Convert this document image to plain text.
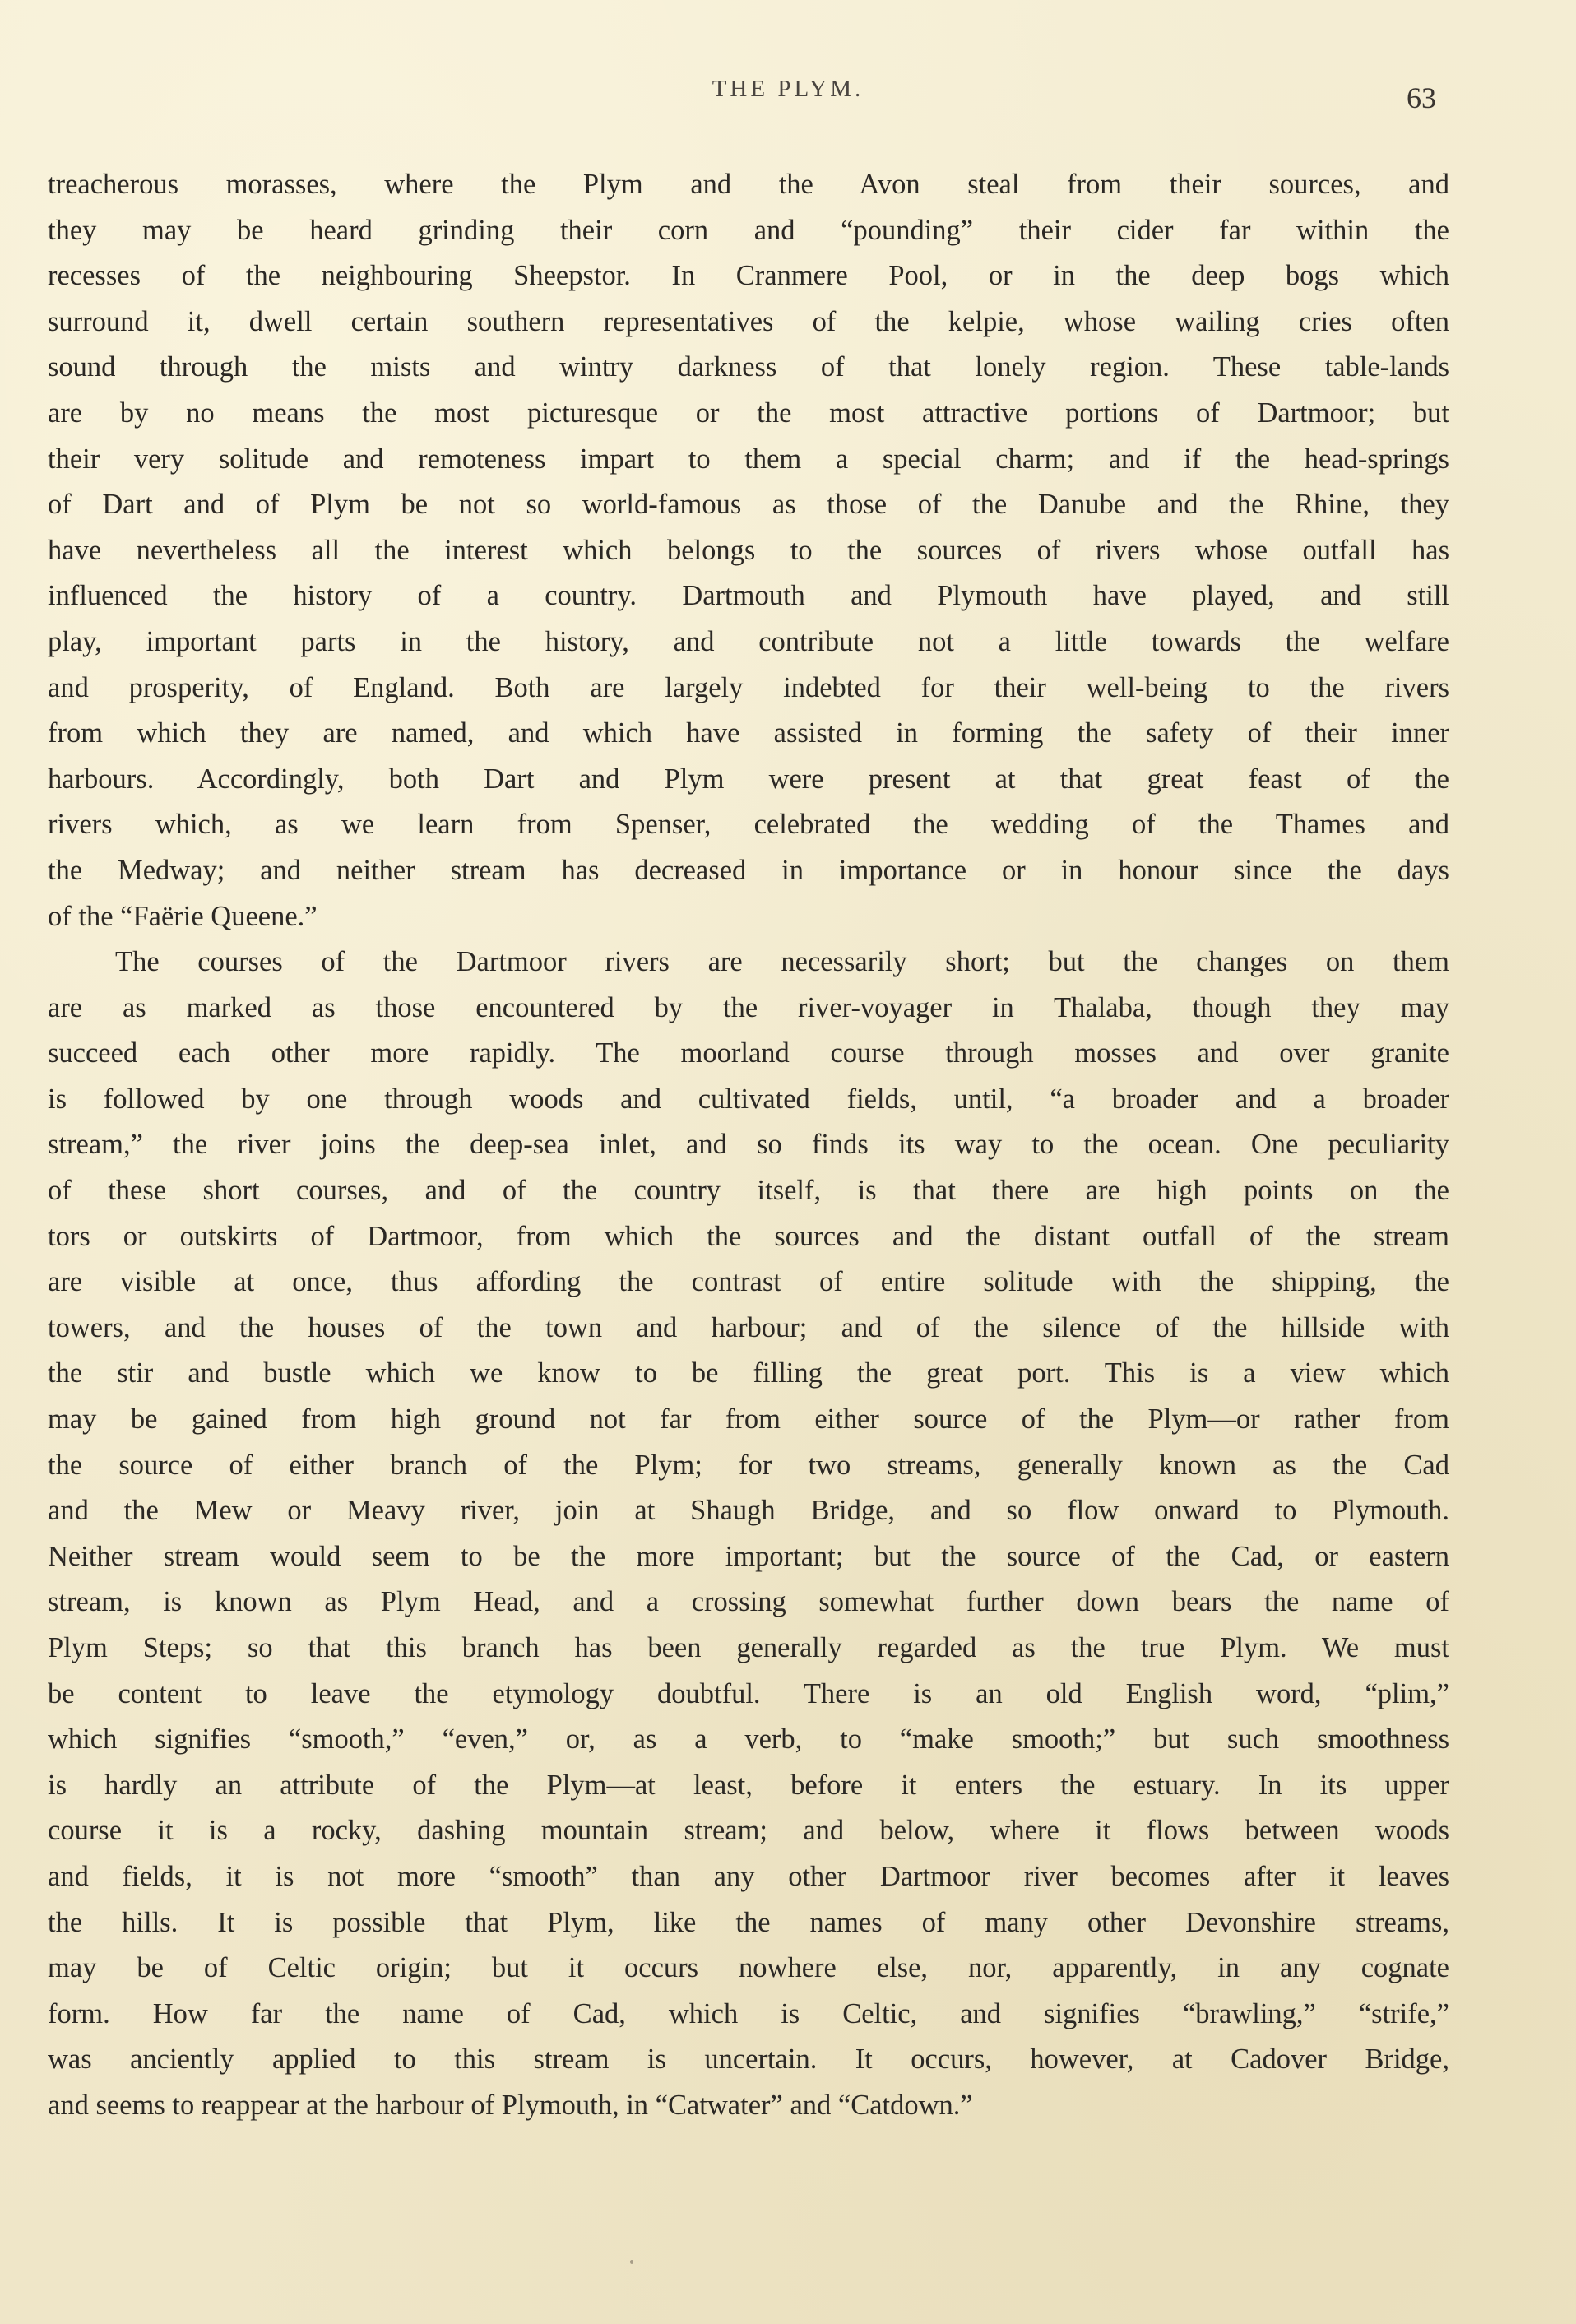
THE PLYM.	63
treacherous morasses, where the Plym and the Avon steal from their sources, and
they may be heard grinding their corn and “pounding” their cider far within the
recesses of the neighbouring Sheepstor. In Cranmere Pool, or in the deep bogs which
surround it, dwell certain southern representatives of the kelpie, whose wailing cries often
sound through the mists and wintry darkness of that lonely region. These table-lands
are by no means the most picturesque or the most attractive portions of Dartmoor; but
their very solitude and remoteness impart to them a special charm; and if the head-springs
of Dart and of Plym be not so world-famous as those of the Danube and the Rhine, they
have nevertheless all the interest which belongs to the sources of rivers whose outfall has
influenced the history of a country. Dartmouth and Plymouth have played, and still
play, important parts in the history, and contribute not a little towards the welfare
and prosperity, of England. Both are largely indebted for their well-being to the rivers
from which they are named, and which have assisted in forming the safety of their inner
harbours. Accordingly, both Dart and Plym were present at that great feast of the
rivers which, as we learn from Spenser, celebrated the wedding of the Thames and
the Medway; and neither stream has decreased in importance or in honour since the days
of the “Faërie Queene.”
The courses of the Dartmoor rivers are necessarily short; but the changes on them
are as marked as those encountered by the river-voyager in Thalaba, though they may
succeed each other more rapidly. The moorland course through mosses and over granite
is followed by one through woods and cultivated fields, until, “a broader and a broader
stream,” the river joins the deep-sea inlet, and so finds its way to the ocean. One peculiarity
of these short courses, and of the country itself, is that there are high points on the
tors or outskirts of Dartmoor, from which the sources and the distant outfall of the stream
are visible at once, thus affording the contrast of entire solitude with the shipping, the
towers, and the houses of the town and harbour; and of the silence of the hillside with
the stir and bustle which we know to be filling the great port. This is a view which
may be gained from high ground not far from either source of the Plym—or rather from
the source of either branch of the Plym; for two streams, generally known as the Cad
and the Mew or Meavy river, join at Shaugh Bridge, and so flow onward to Plymouth.
Neither stream would seem to be the more important; but the source of the Cad, or eastern
stream, is known as Plym Head, and a crossing somewhat further down bears the name of
Plym Steps; so that this branch has been generally regarded as the true Plym. We must
be content to leave the etymology doubtful. There is an old English word, “plim,”
which signifies “smooth,” “even,” or, as a verb, to “make smooth;” but such smoothness
is hardly an attribute of the Plym—at least, before it enters the estuary. In its upper
course it is a rocky, dashing mountain stream; and below, where it flows between woods
and fields, it is not more “smooth” than any other Dartmoor river becomes after it leaves
the hills. It is possible that Plym, like the names of many other Devonshire streams,
may be of Celtic origin; but it occurs nowhere else, nor, apparently, in any cognate
form. How far the name of Cad, which is Celtic, and signifies “brawling,” “strife,”
was anciently applied to this stream is uncertain. It occurs, however, at Cadover Bridge,
and seems to reappear at the harbour of Plymouth, in “Catwater” and “Catdown.”
